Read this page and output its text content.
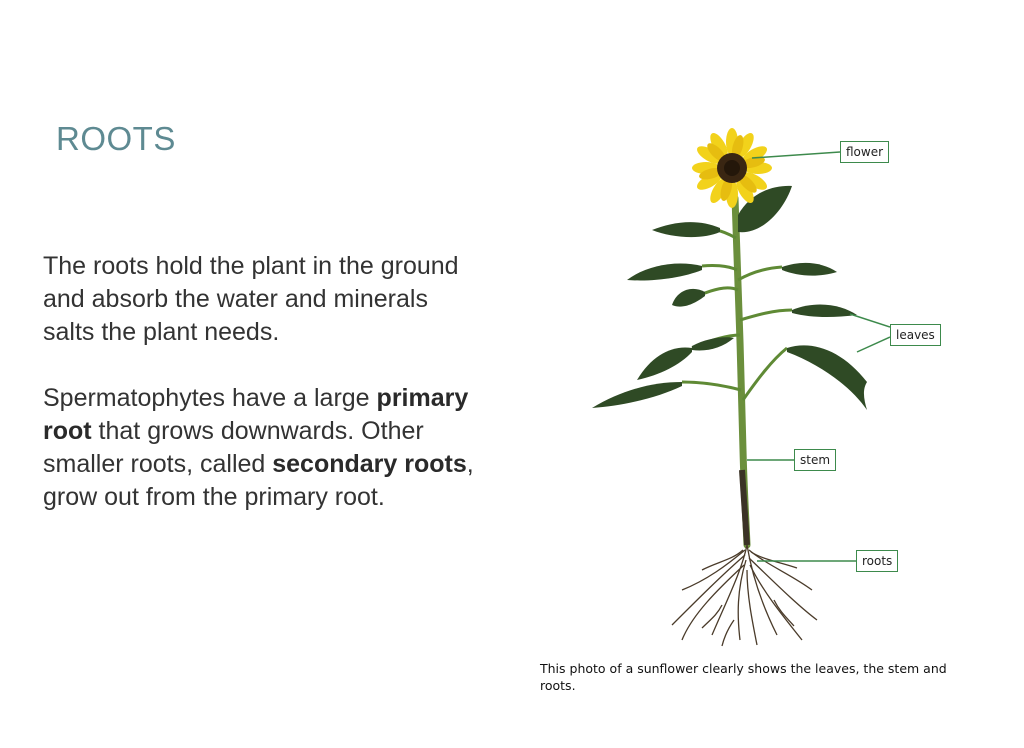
ROOTS

The roots hold the plant in the ground and absorb the water and minerals salts the plant needs.

Spermatophytes have a large primary root that grows downwards. Other smaller roots, called secondary roots, grow out from the primary root.

flower
leaves
stem
roots
This photo of a sunflower clearly shows the leaves, the stem and roots.
